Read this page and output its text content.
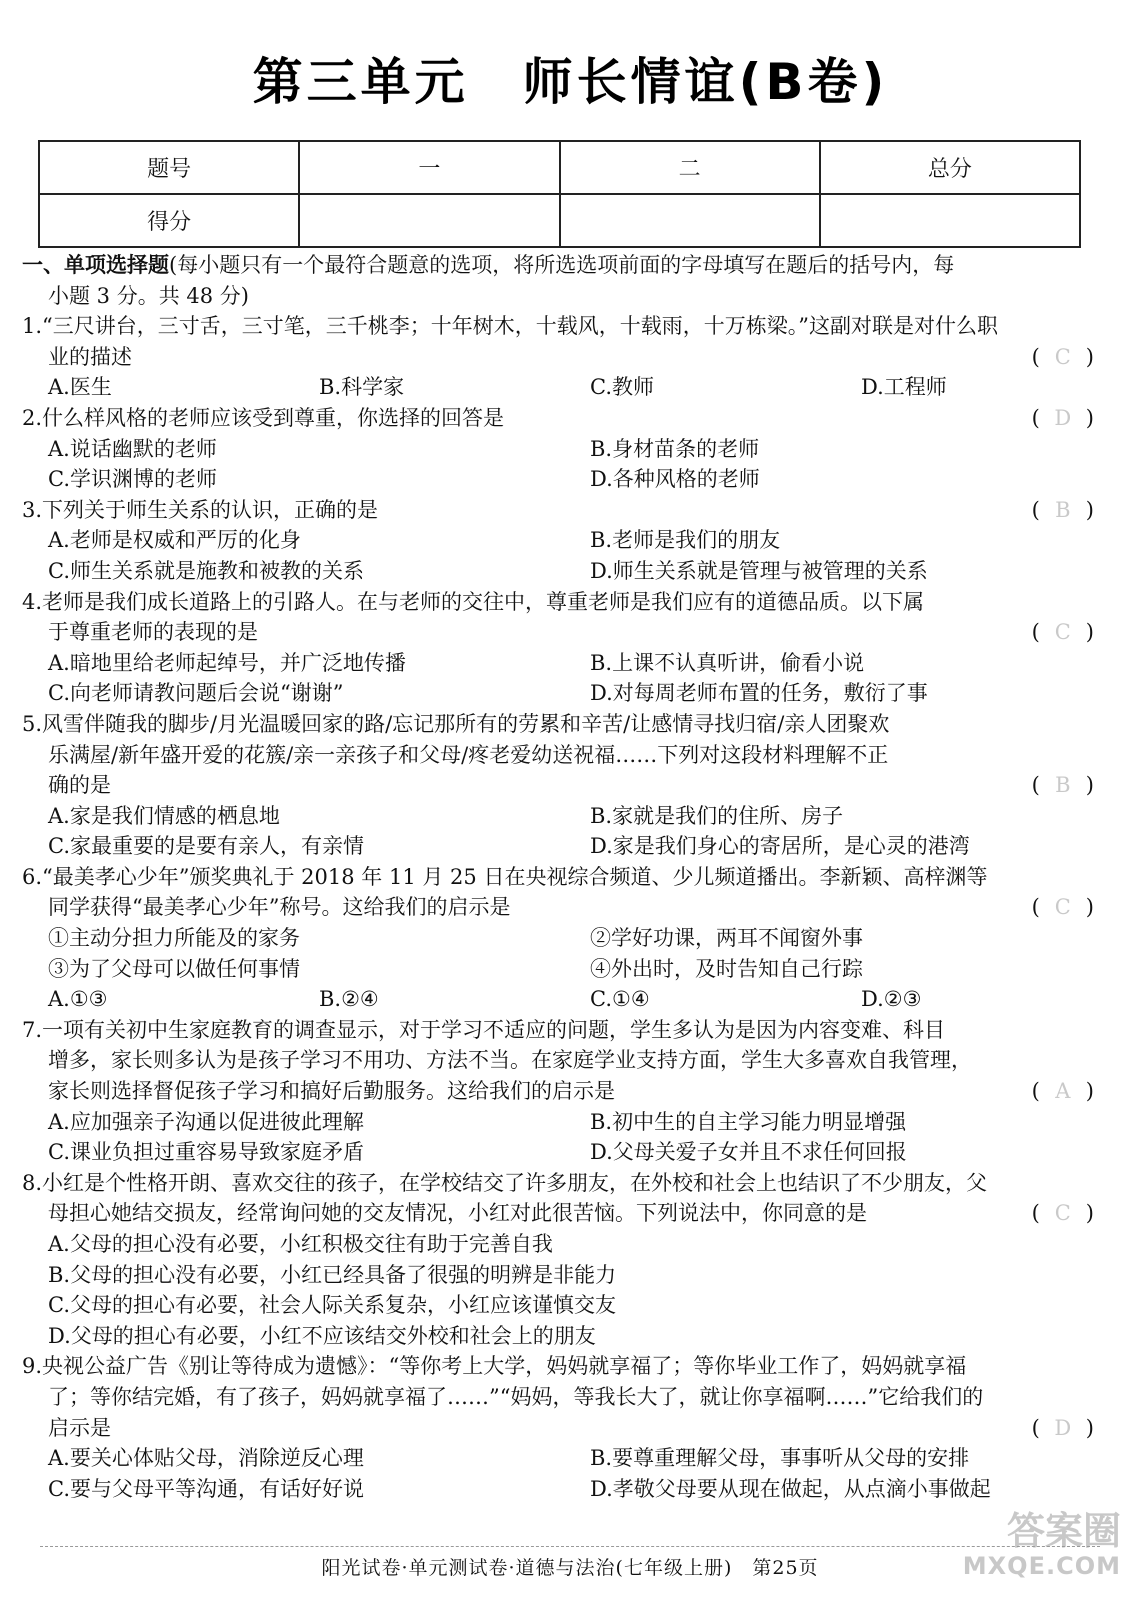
第三单元　师长情谊(B卷)
题号	一	二	总分
得分			
一、单项选择题(每小题只有一个最符合题意的选项，将所选选项前面的字母填写在题后的括号内，每
小题 3 分。共 48 分)
1.“三尺讲台，三寸舌，三寸笔，三千桃李；十年树木，十载风，十载雨，十万栋梁。”这副对联是对什么职
业的描述	( C )
A.医生	B.科学家	C.教师	D.工程师
2.什么样风格的老师应该受到尊重，你选择的回答是	( D )
A.说话幽默的老师	B.身材苗条的老师
C.学识渊博的老师	D.各种风格的老师
3.下列关于师生关系的认识，正确的是	( B )
A.老师是权威和严厉的化身	B.老师是我们的朋友
C.师生关系就是施教和被教的关系	D.师生关系就是管理与被管理的关系
4.老师是我们成长道路上的引路人。在与老师的交往中，尊重老师是我们应有的道德品质。以下属
于尊重老师的表现的是	( C )
A.暗地里给老师起绰号，并广泛地传播	B.上课不认真听讲，偷看小说
C.向老师请教问题后会说“谢谢”	D.对每周老师布置的任务，敷衍了事
5.风雪伴随我的脚步/月光温暖回家的路/忘记那所有的劳累和辛苦/让感情寻找归宿/亲人团聚欢
乐满屋/新年盛开爱的花簇/亲一亲孩子和父母/疼老爱幼送祝福……下列对这段材料理解不正
确的是	( B )
A.家是我们情感的栖息地	B.家就是我们的住所、房子
C.家最重要的是要有亲人，有亲情	D.家是我们身心的寄居所，是心灵的港湾
6.“最美孝心少年”颁奖典礼于 2018 年 11 月 25 日在央视综合频道、少儿频道播出。李新颖、高梓渊等
同学获得“最美孝心少年”称号。这给我们的启示是	( C )
①主动分担力所能及的家务	②学好功课，两耳不闻窗外事
③为了父母可以做任何事情	④外出时，及时告知自己行踪
A.①③	B.②④	C.①④	D.②③
7.一项有关初中生家庭教育的调查显示，对于学习不适应的问题，学生多认为是因为内容变难、科目
增多，家长则多认为是孩子学习不用功、方法不当。在家庭学业支持方面，学生大多喜欢自我管理，
家长则选择督促孩子学习和搞好后勤服务。这给我们的启示是	( A )
A.应加强亲子沟通以促进彼此理解	B.初中生的自主学习能力明显增强
C.课业负担过重容易导致家庭矛盾	D.父母关爱子女并且不求任何回报
8.小红是个性格开朗、喜欢交往的孩子，在学校结交了许多朋友，在外校和社会上也结识了不少朋友，父
母担心她结交损友，经常询问她的交友情况，小红对此很苦恼。下列说法中，你同意的是	( C )
A.父母的担心没有必要，小红积极交往有助于完善自我
B.父母的担心没有必要，小红已经具备了很强的明辨是非能力
C.父母的担心有必要，社会人际关系复杂，小红应该谨慎交友
D.父母的担心有必要，小红不应该结交外校和社会上的朋友
9.央视公益广告《别让等待成为遗憾》：“等你考上大学，妈妈就享福了；等你毕业工作了，妈妈就享福
了；等你结完婚，有了孩子，妈妈就享福了……”“妈妈，等我长大了，就让你享福啊……”它给我们的
启示是	( D )
A.要关心体贴父母，消除逆反心理	B.要尊重理解父母，事事听从父母的安排
C.要与父母平等沟通，有话好好说	D.孝敬父母要从现在做起，从点滴小事做起
答案圈
MXQE.COM
阳光试卷·单元测试卷·道德与法治(七年级上册)　第25页
